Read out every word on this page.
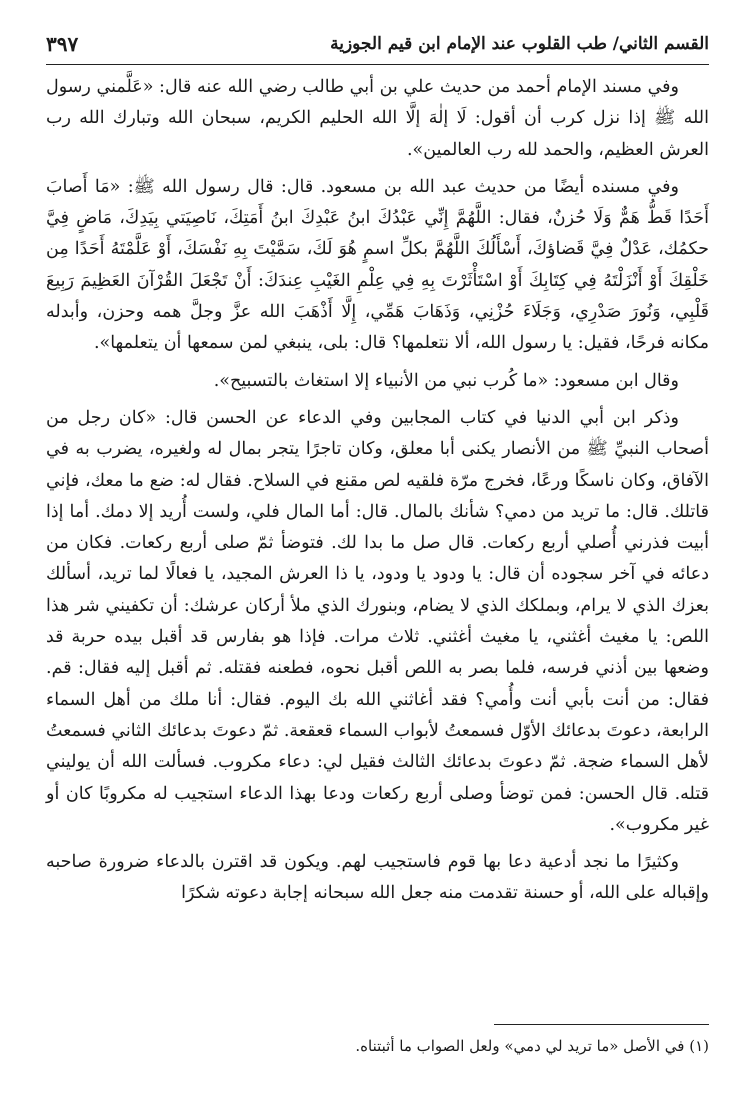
القسم الثاني/ طب القلوب عند الإمام ابن قيم الجوزية
٣٩٧

وفي مسند الإمام أحمد من حديث علي بن أبي طالب رضي الله عنه قال: «عَلَّمني رسول الله ﷺ إذا نزل كرب أن أقول: لَا إلٰهَ إلَّا الله الحليم الكريم، سبحان الله وتبارك الله رب العرش العظيم، والحمد لله رب العالمين».

وفي مسنده أيضًا من حديث عبد الله بن مسعود. قال: قال رسول الله ﷺ: «مَا أَصابَ أَحَدًا قَطُّ هَمٌّ وَلَا حُزنٌ، فقال: اللَّهُمَّ إِنِّي عَبْدُكَ ابنُ عَبْدِكَ ابنُ أَمَتِكَ، نَاصِيَتي بِيَدِكَ، مَاضٍ فِيَّ حكمُك، عَدْلٌ فِيَّ قَضاؤكَ، أَسْأَلُكَ اللَّهُمَّ بكلِّ اسمٍ هُوَ لَكَ، سَمَّيْتَ بِهِ نَفْسَكَ، أَوْ عَلَّمْتَهُ أَحَدًا مِن خَلْقِكَ أَوْ أَنْزَلْتَهُ فِي كِتَابِكَ أَوْ اسْتَأْثَرْتَ بِهِ فِي عِلْمِ الغَيْبِ عِندَكَ: أَنْ تَجْعَلَ القُرْآنَ العَظِيمَ رَبِيعَ قَلْبِي، وَنُورَ صَدْرِي، وَجَلَاءَ حُزْنِي، وَذَهَابَ هَمِّي، إِلَّا أَذْهَبَ الله عزَّ وجلَّ همه وحزن، وأبدله مكانه فرحًا، فقيل: يا رسول الله، ألا نتعلمها؟ قال: بلى، ينبغي لمن سمعها أن يتعلمها».

وقال ابن مسعود: «ما كُرب نبي من الأنبياء إلا استغاث بالتسبيح».

وذكر ابن أبي الدنيا في كتاب المجابين وفي الدعاء عن الحسن قال: «كان رجل من أصحاب النبيِّ ﷺ من الأنصار يكنى أبا معلق، وكان تاجرًا يتجر بمال له ولغيره، يضرب به في الآفاق، وكان ناسكًا ورعًا، فخرج مرّة فلقيه لص مقنع في السلاح. فقال له: ضع ما معك، فإني قاتلك. قال: ما تريد من دمي؟ شأنك بالمال. قال: أما المال فلي، ولست أُريد إلا دمك. أما إذا أبيت فذرني أُصلي أربع ركعات. قال صل ما بدا لك. فتوضأ ثمّ صلى أربع ركعات. فكان من دعائه في آخر سجوده أن قال: يا ودود يا ودود، يا ذا العرش المجيد، يا فعالًا لما تريد، أسألك بعزك الذي لا يرام، وبملكك الذي لا يضام، وبنورك الذي ملأ أركان عرشك: أن تكفيني شر هذا اللص: يا مغيث أغثني، يا مغيث أغثني. ثلاث مرات. فإذا هو بفارس قد أقبل بيده حربة قد وضعها بين أذني فرسه، فلما بصر به اللص أقبل نحوه، فطعنه فقتله. ثم أقبل إليه فقال: قم. فقال: من أنت بأبي أنت وأُمي؟ فقد أغاثني الله بك اليوم. فقال: أنا ملك من أهل السماء الرابعة، دعوتَ بدعائك الأوّل فسمعتُ لأبواب السماء قعقعة. ثمّ دعوتَ بدعائك الثاني فسمعتُ لأهل السماء ضجة. ثمّ دعوتَ بدعائك الثالث فقيل لي: دعاء مكروب. فسألت الله أن يوليني قتله. قال الحسن: فمن توضأ وصلى أربع ركعات ودعا بهذا الدعاء استجيب له مكروبًا كان أو غير مكروب».

وكثيرًا ما نجد أدعية دعا بها قوم فاستجيب لهم. ويكون قد اقترن بالدعاء ضرورة صاحبه وإقباله على الله، أو حسنة تقدمت منه جعل الله سبحانه إجابة دعوته شكرًا

(١) في الأصل «ما تريد لي دمي» ولعل الصواب ما أثبتناه.
